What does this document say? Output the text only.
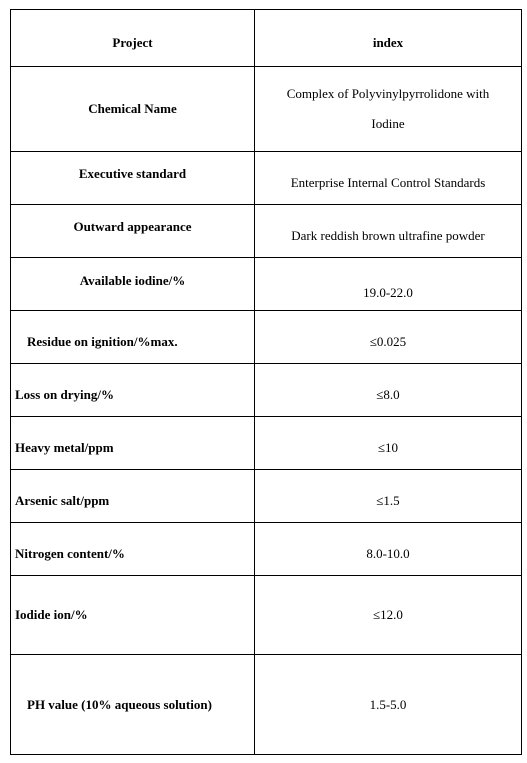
Project	index
Chemical Name	Complex of Polyvinylpyrrolidone with
Iodine
Executive standard	Enterprise Internal Control Standards
Outward appearance	Dark reddish brown ultrafine powder
Available iodine/%	19.0-22.0
Residue on ignition/%max.	≤0.025
Loss on drying/%	≤8.0
Heavy metal/ppm	≤10
Arsenic salt/ppm	≤1.5
Nitrogen content/%	8.0-10.0
Iodide ion/%	≤12.0
PH value (10% aqueous solution)	1.5-5.0
